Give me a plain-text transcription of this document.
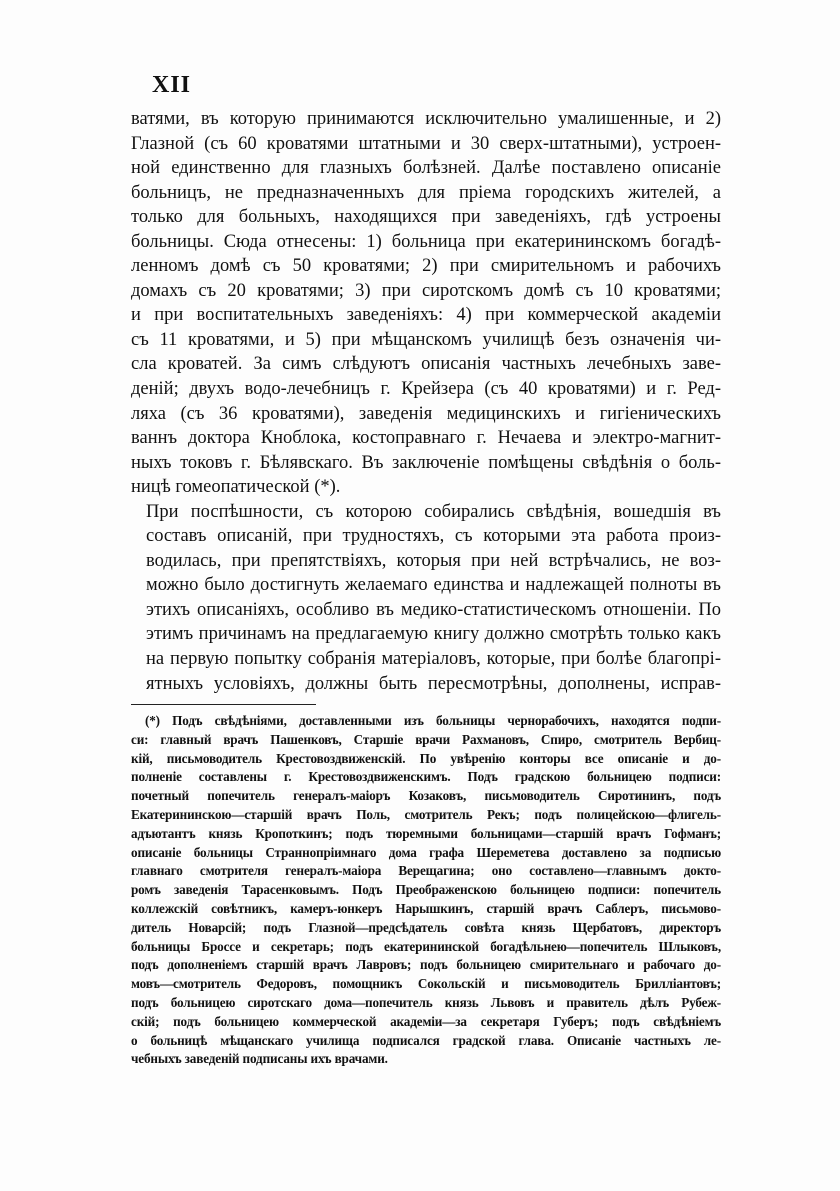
XII

ватями, въ которую принимаются исключительно умалишенные, и 2)
Глазной (съ 60 кроватями штатными и 30 сверх-штатными), устроен-
ной единственно для глазныхъ болѣзней. Далѣе поставлено описаніе
больницъ, не предназначенныхъ для пріема городскихъ жителей, а
только для больныхъ, находящихся при заведеніяхъ, гдѣ устроены
больницы. Сюда отнесены: 1) больница при екатерининскомъ богадѣ-
ленномъ домѣ съ 50 кроватями; 2) при смирительномъ и рабочихъ
домахъ съ 20 кроватями; 3) при сиротскомъ домѣ съ 10 кроватями;
и при воспитательныхъ заведеніяхъ: 4) при коммерческой академіи
съ 11 кроватями, и 5) при мѣщанскомъ училищѣ безъ означенія чи-
сла кроватей. За симъ слѣдуютъ описанія частныхъ лечебныхъ заве-
деній; двухъ водо-лечебницъ г. Крейзера (съ 40 кроватями) и г. Ред-
ляха (съ 36 кроватями), заведенія медицинскихъ и гигіеническихъ
ваннъ доктора Кноблока, костоправнаго г. Нечаева и электро-магнит-
ныхъ токовъ г. Бѣлявскаго. Въ заключеніе помѣщены свѣдѣнія о боль-
ницѣ гомеопатической (*).

При поспѣшности, съ которою собирались свѣдѣнія, вошедшія въ
составъ описаній, при трудностяхъ, съ которыми эта работа произ-
водилась, при препятствіяхъ, которыя при ней встрѣчались, не воз-
можно было достигнуть желаемаго единства и надлежащей полноты въ
этихъ описаніяхъ, особливо въ медико-статистическомъ отношеніи. По
этимъ причинамъ на предлагаемую книгу должно смотрѣть только какъ
на первую попытку собранія матеріаловъ, которые, при болѣе благопрі-
ятныхъ условіяхъ, должны быть пересмотрѣны, дополнены, исправ-

(*) Подъ свѣдѣніями, доставленными изъ больницы чернорабочихъ, находятся подпи-
си: главный врачъ Пашенковъ, Старшіе врачи Рахмановъ, Спиро, смотритель Вербиц-
кій, письмоводитель Крестовоздвиженскій. По увѣренію конторы все описаніе и до-
полненіе составлены г. Крестовоздвиженскимъ. Подъ градскою больницею подписи:
почетный попечитель генералъ-маіоръ Козаковъ, письмоводитель Сиротининъ, подъ
Екатерининскою—старшій врачъ Поль, смотритель Рекъ; подъ полицейскою—флигель-
адъютантъ князь Кропоткинъ; подъ тюремными больницами—старшій врачъ Гофманъ;
описаніе больницы Страннопріимнаго дома графа Шереметева доставлено за подписью
главнаго смотрителя генералъ-маіора Верещагина; оно составлено—главнымъ докто-
ромъ заведенія Тарасенковымъ. Подъ Преображенскою больницею подписи: попечитель
коллежскій совѣтникъ, камеръ-юнкеръ Нарышкинъ, старшій врачъ Саблеръ, письмово-
дитель Новарсій; подъ Глазной—предсѣдатель совѣта князь Щербатовъ, директоръ
больницы Броссе и секретарь; подъ екатерининской богадѣльнею—попечитель Шлыковъ,
подъ дополненіемъ старшій врачъ Лавровъ; подъ больницею смирительнаго и рабочаго до-
мовъ—смотритель Федоровъ, помощникъ Сокольскій и письмоводитель Брилліантовъ;
подъ больницею сиротскаго дома—попечитель князь Львовъ и правитель дѣлъ Рубеж-
скій; подъ больницею коммерческой академіи—за секретаря Губеръ; подъ свѣдѣніемъ
о больницѣ мѣщанскаго училища подписался градской глава. Описаніе частныхъ ле-
чебныхъ заведеній подписаны ихъ врачами.
